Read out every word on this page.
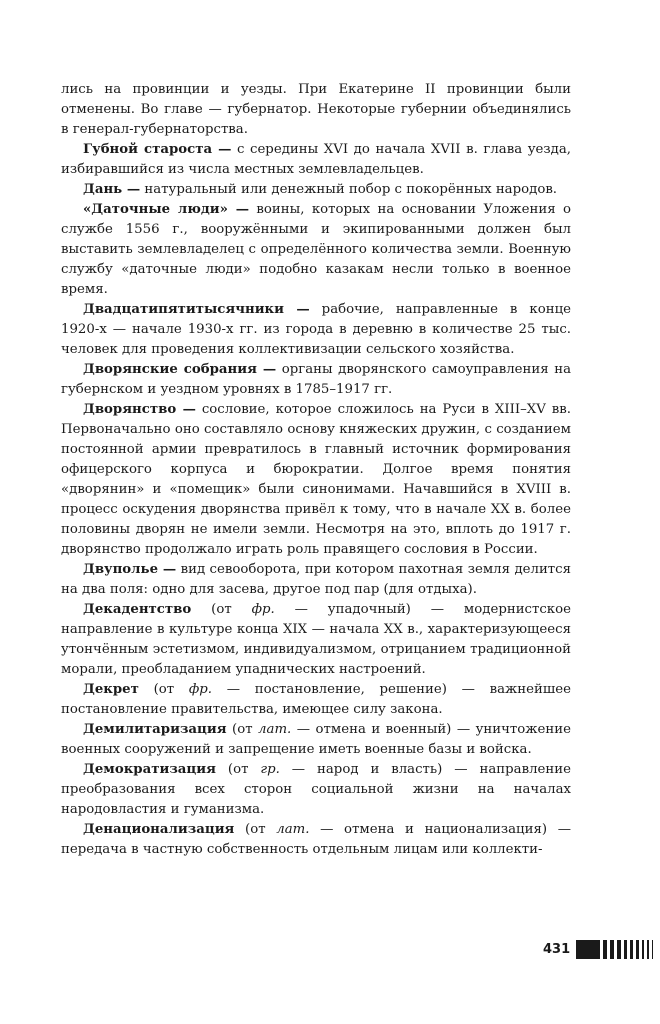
лись на провинции и уезды. При Екатерине II провинции были отменены. Во главе — губернатор. Некоторые губернии объединялись в генерал-губернаторства.

Губной староста — с середины XVI до начала XVII в. глава уезда, избиравшийся из числа местных землевладельцев.

Дань — натуральный или денежный побор с покорённых народов.

«Даточные люди» — воины, которых на основании Уложения о службе 1556 г., вооружёнными и экипированными должен был выставить землевладелец с определённого количества земли. Военную службу «даточные люди» подобно казакам несли только в военное время.

Двадцатипятитысячники — рабочие, направленные в конце 1920-х — начале 1930-х гг. из города в деревню в количестве 25 тыс. человек для проведения коллективизации сельского хозяйства.

Дворянские собрания — органы дворянского самоуправления на губернском и уездном уровнях в 1785–1917 гг.

Дворянство — сословие, которое сложилось на Руси в XIII–XV вв. Первоначально оно составляло основу княжеских дружин, с созданием постоянной армии превратилось в главный источник формирования офицерского корпуса и бюрократии. Долгое время понятия «дворянин» и «помещик» были синонимами. Начавшийся в XVIII в. процесс оскудения дворянства привёл к тому, что в начале XX в. более половины дворян не имели земли. Несмотря на это, вплоть до 1917 г. дворянство продолжало играть роль правящего сословия в России.

Двуполье — вид севооборота, при котором пахотная земля делится на два поля: одно для засева, другое под пар (для отдыха).

Декадентство (от фр. — упадочный) — модернистское направление в культуре конца XIX — начала XX в., характеризующееся утончённым эстетизмом, индивидуализмом, отрицанием традиционной морали, преобладанием упаднических настроений.

Декрет (от фр. — постановление, решение) — важнейшее постановление правительства, имеющее силу закона.

Демилитаризация (от лат. — отмена и военный) — уничтожение военных сооружений и запрещение иметь военные базы и войска.

Демократизация (от гр. — народ и власть) — направление преобразования всех сторон социальной жизни на началах народовластия и гуманизма.

Денационализация (от лат. — отмена и национализация) — передача в частную собственность отдельным лицам или коллекти-

431
